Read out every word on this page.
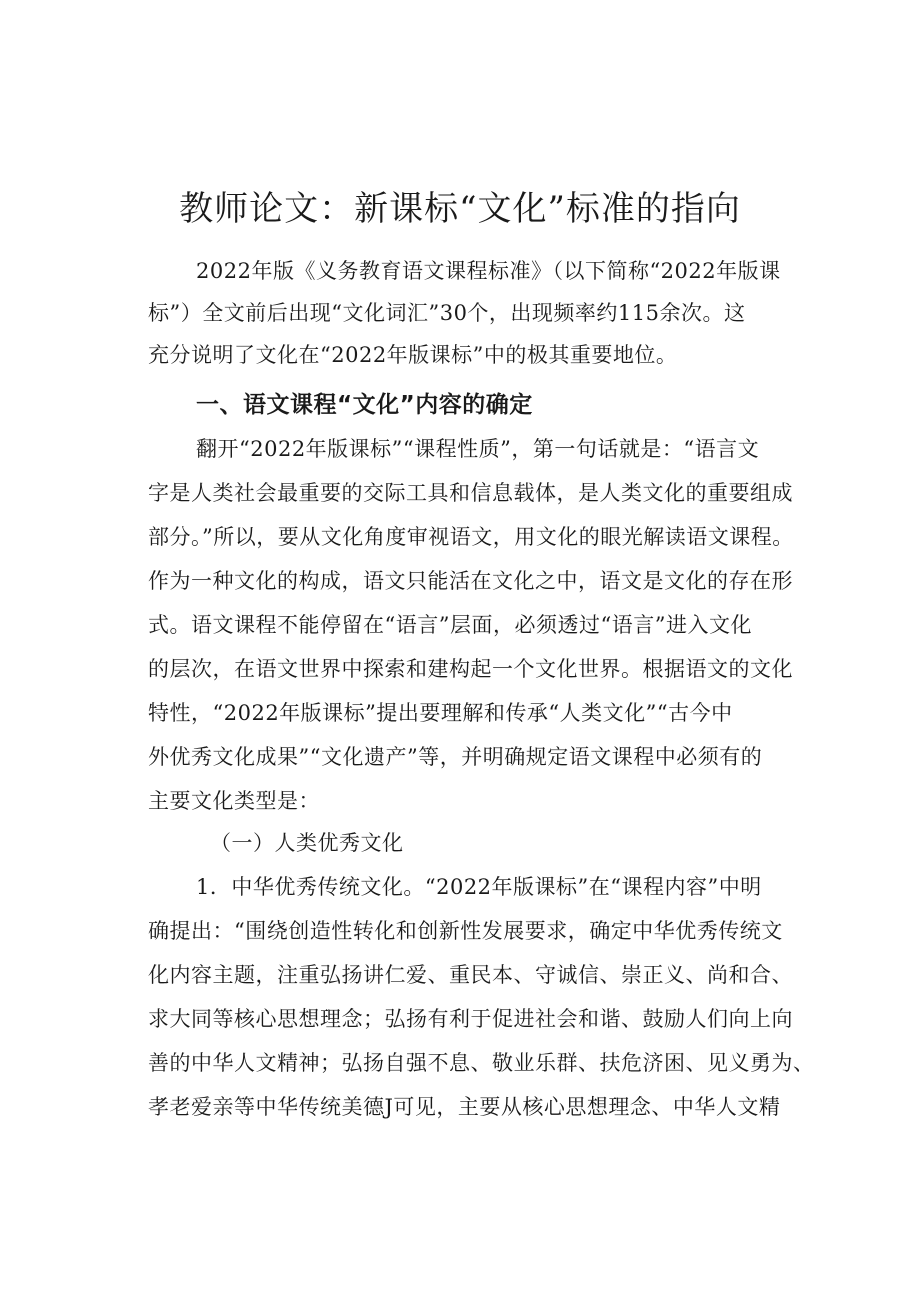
教师论文：新课标“文化”标准的指向
2022年版《义务教育语文课程标准》（以下简称“2022年版课
标”）全文前后出现“文化词汇”30个，出现频率约115余次。这
充分说明了文化在“2022年版课标”中的极其重要地位。
一、语文课程“文化”内容的确定
翻开“2022年版课标”“课程性质”，第一句话就是：“语言文
字是人类社会最重要的交际工具和信息载体，是人类文化的重要组成
部分。”所以，要从文化角度审视语文，用文化的眼光解读语文课程。
作为一种文化的构成，语文只能活在文化之中，语文是文化的存在形
式。语文课程不能停留在“语言”层面，必须透过“语言”进入文化
的层次，在语文世界中探索和建构起一个文化世界。根据语文的文化
特性，“2022年版课标”提出要理解和传承“人类文化”“古今中
外优秀文化成果”“文化遗产”等，并明确规定语文课程中必须有的
主要文化类型是：
（一）人类优秀文化
1．中华优秀传统文化。“2022年版课标”在“课程内容”中明
确提出：“围绕创造性转化和创新性发展要求，确定中华优秀传统文
化内容主题，注重弘扬讲仁爱、重民本、守诚信、崇正义、尚和合、
求大同等核心思想理念；弘扬有利于促进社会和谐、鼓励人们向上向
善的中华人文精神；弘扬自强不息、敬业乐群、扶危济困、见义勇为、
孝老爱亲等中华传统美德J可见，主要从核心思想理念、中华人文精
